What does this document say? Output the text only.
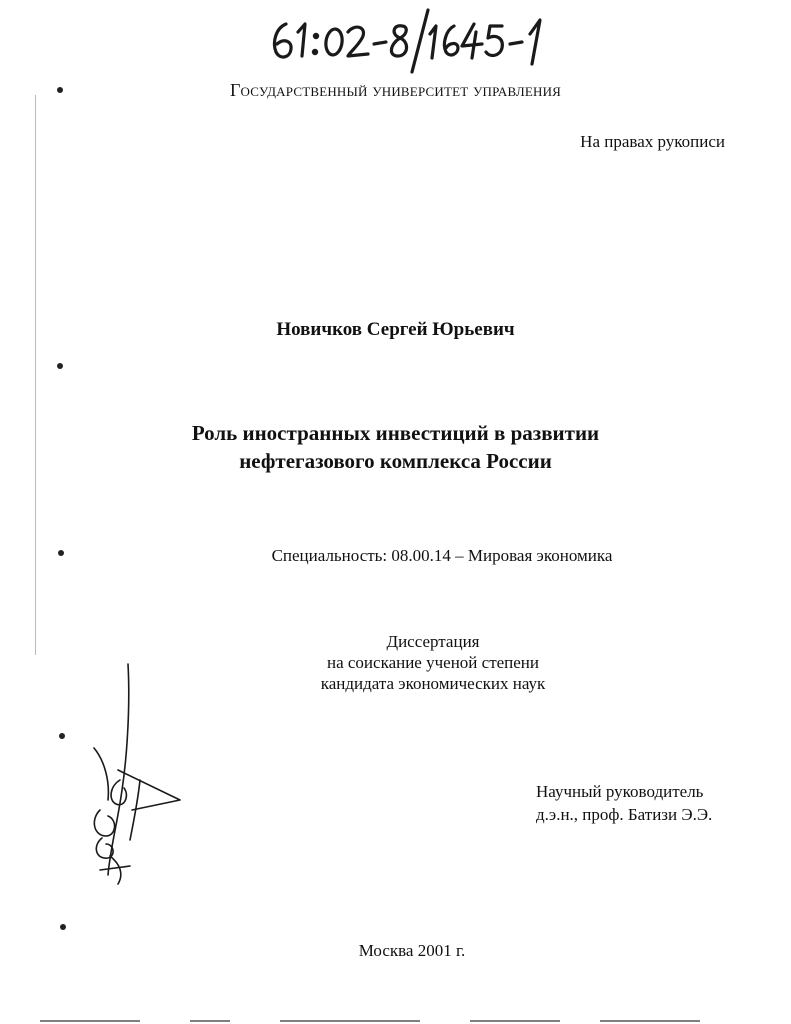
Государственный университет управления
На правах рукописи
Новичков Сергей Юрьевич
Роль иностранных инвестиций в развитии
нефтегазового комплекса России
Специальность: 08.00.14 – Мировая экономика
Диссертация
на соискание ученой степени
кандидата экономических наук
Научный руководитель
д.э.н., проф. Батизи Э.Э.
Москва 2001 г.
